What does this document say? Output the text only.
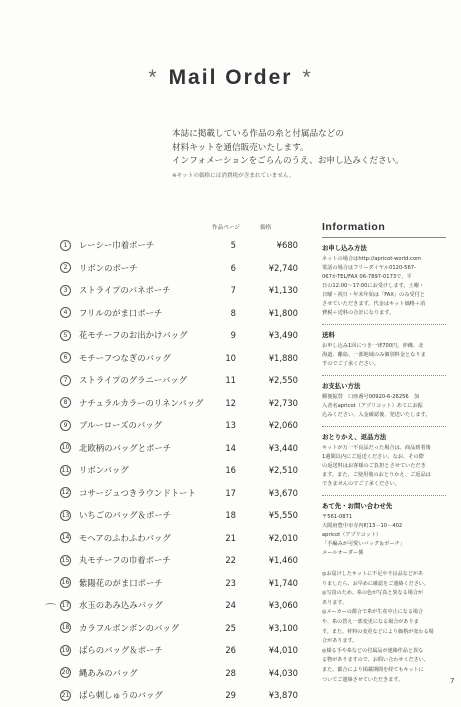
* Mail Order *

本誌に掲載している作品の糸と付属品などの

材料キットを通信販売いたします。

インフォメーションをごらんのうえ、お申し込みください。

※キットの価格には消費税が含まれていません。

作品ページ	価格
1	レーシー巾着ポーチ	5	¥680
2	リボンのポーチ	6	¥2,740
3	ストライプのバネポーチ	7	¥1,130
4	フリルのがま口ポーチ	8	¥1,800
5	花モチーフのお出かけバッグ	9	¥3,490
6	モチーフつなぎのバッグ	10	¥1,880
7	ストライプのグラニーバッグ	11	¥2,550
8	ナチュラルカラーのリネンバッグ	12	¥2,730
9	ブルーローズのバッグ	13	¥2,060
10 北欧柄のバッグとポーチ	14	¥3,440
11 リボンバッグ	16	¥2,510
12 コサージュつきラウンドトート	17	¥3,670
13 いちごのバッグ＆ポーチ	18	¥5,550
14 モヘアのふわふわバッグ	21	¥2,010
15 丸モチーフの巾着ポーチ	22	¥1,460
16 紫陽花のがま口ポーチ	23	¥1,740
17 水玉のあみ込みバッグ	24	¥3,060
18 カラフルボンボンのバッグ	25	¥3,100
19 ばらのバッグ＆ポーチ	26	¥4,010
20 縄あみのバッグ	28	¥4,030
21 ばら刺しゅうのバッグ	29	¥3,870
Information
お申し込み方法
ネットの場合はhttp://apricot-world.com
電話の場合はフリーダイヤル0120-567-
067かTEL/FAX 06-7897-0173で、平
日の12:00～17:00にお受けします。土曜・
日曜・祝日・年末年始は「FAX」のみ受付と
させていただきます。代金はキット価格＋消
費税＋送料の合計になります。
送料
お申し込み1回につき一律700円。沖縄、北
海道、離島、一部地域のみ個別料金となりま
すのでご了承ください。
お支払い方法
郵便振替　口座番号00920-6-26256　加
入者名apricot（アプリコット）あてにお振
込みください。入金確認後、発送いたします。
おとりかえ、返品方法
キットが万一不良品だった場合は、商品到着後
1週間以内にご返送ください。なお、その際
の返送料はお客様のご負担とさせていただき
ます。また、ご使用後のおとりかえ、ご返品は
できませんのでご了承ください。
あて先・お問い合わせ先
〒561-0871
大阪府豊中市寺内町13－10－402
apricot（アプリコット）
「手編みが可愛いバッグ＆ポーチ」
メールオーダー係
◎お届けしたキットに不足や不良品などがあ
りましたら、お早めに確認をご連絡ください。
◎写真のため、糸の色が写真と異なる場合が
あります。
◎メーカーの都合で糸が生産中止になる場合
や、糸の替え一部変更になる場合がありま
す。また、材料の変更などにより価格が変わる場
合があります。
◎様る手や糸などの付属品が連絡作品と異な
る物がありますので、お問い合わせください。
また、都合により掲載期間を経てもキットに
ついてご連絡させていただきます。	7
